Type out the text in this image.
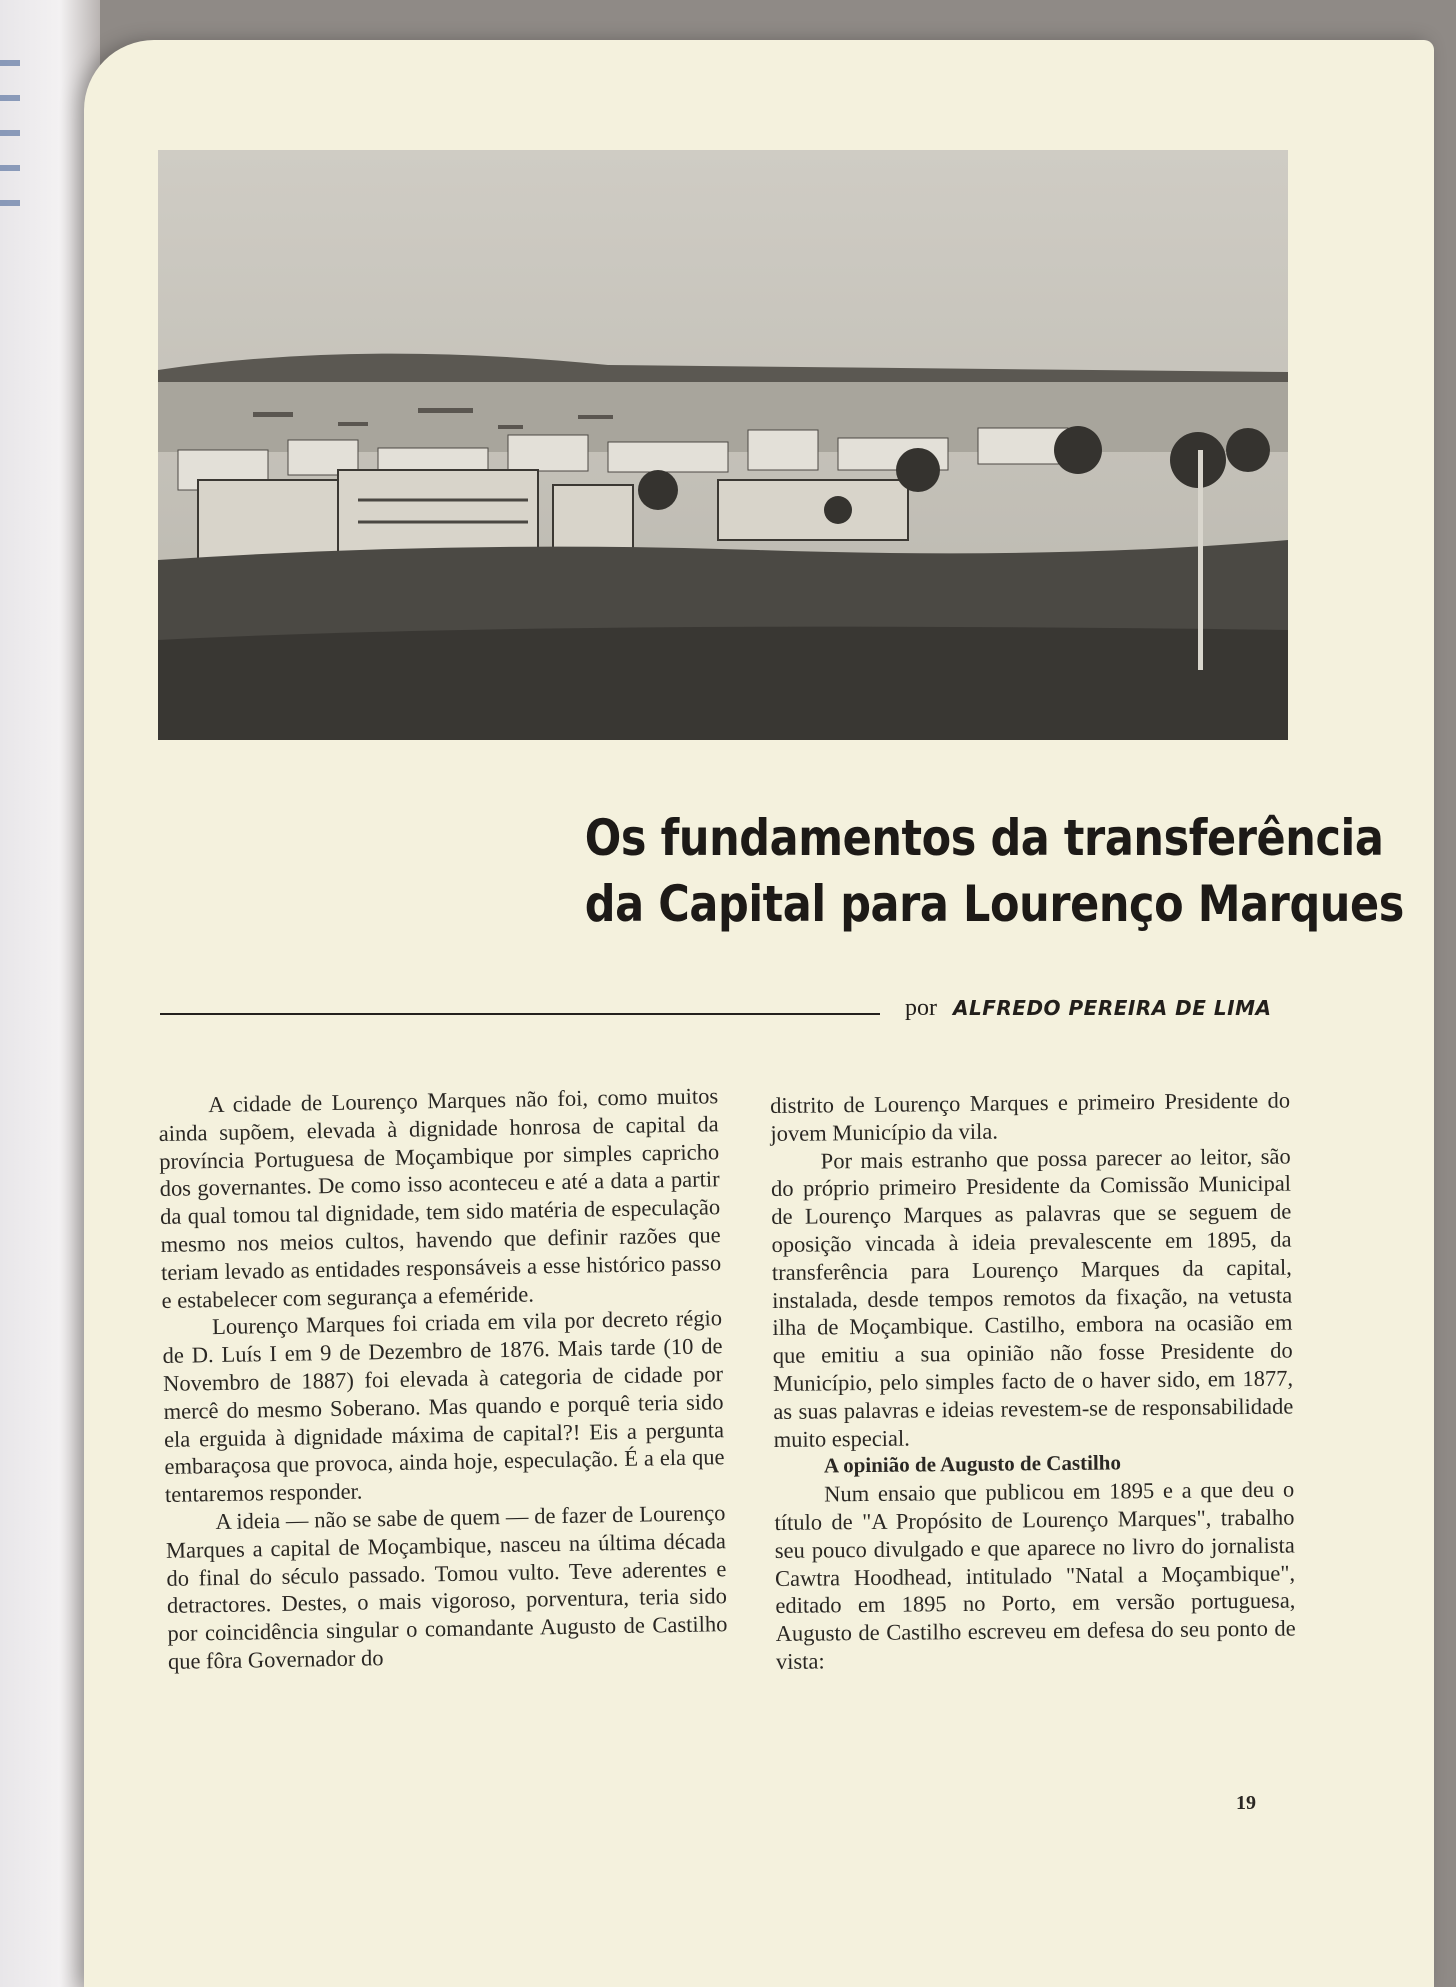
Os fundamentos da transferência
da Capital para Lourenço Marques
por ALFREDO PEREIRA DE LIMA

A cidade de Lourenço Marques não foi, como muitos ainda supõem, elevada à dignidade honrosa de capital da província Portuguesa de Moçambique por simples capricho dos governantes. De como isso aconteceu e até a data a partir da qual tomou tal dignidade, tem sido matéria de especulação mesmo nos meios cultos, havendo que definir razões que teriam levado as entidades responsáveis a esse histórico passo e estabelecer com segurança a efeméride.

Lourenço Marques foi criada em vila por decreto régio de D. Luís I em 9 de Dezembro de 1876. Mais tarde (10 de Novembro de 1887) foi elevada à categoria de cidade por mercê do mesmo Soberano. Mas quando e porquê teria sido ela erguida à dignidade máxima de capital?! Eis a pergunta embaraçosa que provoca, ainda hoje, especulação. É a ela que tentaremos responder.

A ideia — não se sabe de quem — de fazer de Lourenço Marques a capital de Moçambique, nasceu na última década do final do século passado. Tomou vulto. Teve aderentes e detractores. Destes, o mais vigoroso, porventura, teria sido por coincidência singular o comandante Augusto de Castilho que fôra Governador do

distrito de Lourenço Marques e primeiro Presidente do jovem Município da vila.

Por mais estranho que possa parecer ao leitor, são do próprio primeiro Presidente da Comissão Municipal de Lourenço Marques as palavras que se seguem de oposição vincada à ideia prevalescente em 1895, da transferência para Lourenço Marques da capital, instalada, desde tempos remotos da fixação, na vetusta ilha de Moçambique. Castilho, embora na ocasião em que emitiu a sua opinião não fosse Presidente do Município, pelo simples facto de o haver sido, em 1877, as suas palavras e ideias revestem-se de responsabilidade muito especial.

A opinião de Augusto de Castilho

Num ensaio que publicou em 1895 e a que deu o título de "A Propósito de Lourenço Marques", trabalho seu pouco divulgado e que aparece no livro do jornalista Cawtra Hoodhead, intitulado "Natal a Moçambique", editado em 1895 no Porto, em versão portuguesa, Augusto de Castilho escreveu em defesa do seu ponto de vista:

19
